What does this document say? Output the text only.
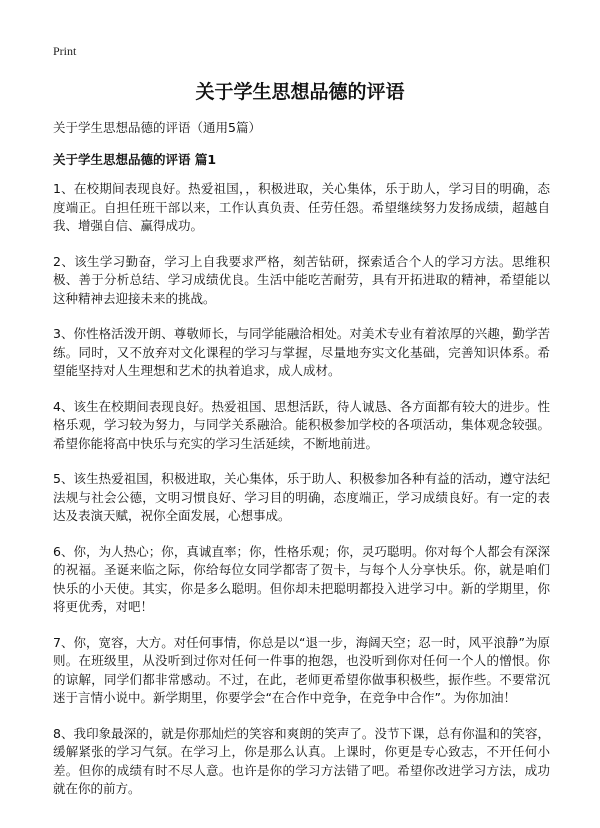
Print
关于学生思想品德的评语

关于学生思想品德的评语（通用5篇）

关于学生思想品德的评语 篇1
1、在校期间表现良好。热爱祖国，，积极进取，关心集体，乐于助人，学习目的明确，态度端正。自担任班干部以来，工作认真负责、任劳任怨。希望继续努力发扬成绩，超越自我、增强自信、赢得成功。
2、该生学习勤奋，学习上自我要求严格，刻苦钻研，探索适合个人的学习方法。思维积极、善于分析总结、学习成绩优良。生活中能吃苦耐劳，具有开拓进取的精神，希望能以这种精神去迎接未来的挑战。
3、你性格活泼开朗、尊敬师长，与同学能融洽相处。对美术专业有着浓厚的兴趣，勤学苦练。同时，又不放弃对文化课程的学习与掌握，尽量地夯实文化基础，完善知识体系。希望能坚持对人生理想和艺术的执着追求，成人成材。
4、该生在校期间表现良好。热爱祖国、思想活跃，待人诚恳、各方面都有较大的进步。性格乐观，学习较为努力，与同学关系融洽。能积极参加学校的各项活动，集体观念较强。希望你能将高中快乐与充实的学习生活延续，不断地前进。
5、该生热爱祖国，积极进取，关心集体，乐于助人、积极参加各种有益的活动，遵守法纪法规与社会公德，文明习惯良好、学习目的明确，态度端正，学习成绩良好。有一定的表达及表演天赋，祝你全面发展，心想事成。
6、你，为人热心；你，真诚直率；你，性格乐观；你，灵巧聪明。你对每个人都会有深深的祝福。圣诞来临之际，你给每位女同学都寄了贺卡，与每个人分享快乐。你，就是咱们快乐的小天使。其实，你是多么聪明。但你却未把聪明都投入进学习中。新的学期里，你将更优秀，对吧！
7、你，宽容，大方。对任何事情，你总是以“退一步，海阔天空；忍一时，风平浪静”为原则。在班级里，从没听到过你对任何一件事的抱怨，也没听到你对任何一个人的憎恨。你的谅解，同学们都非常感动。不过，在此，老师更希望你做事积极些，振作些。不要常沉迷于言情小说中。新学期里，你要学会“在合作中竞争，在竞争中合作”。为你加油！
8、我印象最深的，就是你那灿烂的笑容和爽朗的笑声了。没节下课，总有你温和的笑容，缓解紧张的学习气氛。在学习上，你是那么认真。上课时，你更是专心致志，不开任何小差。但你的成绩有时不尽人意。也许是你的学习方法错了吧。希望你改进学习方法，成功就在你的前方。
